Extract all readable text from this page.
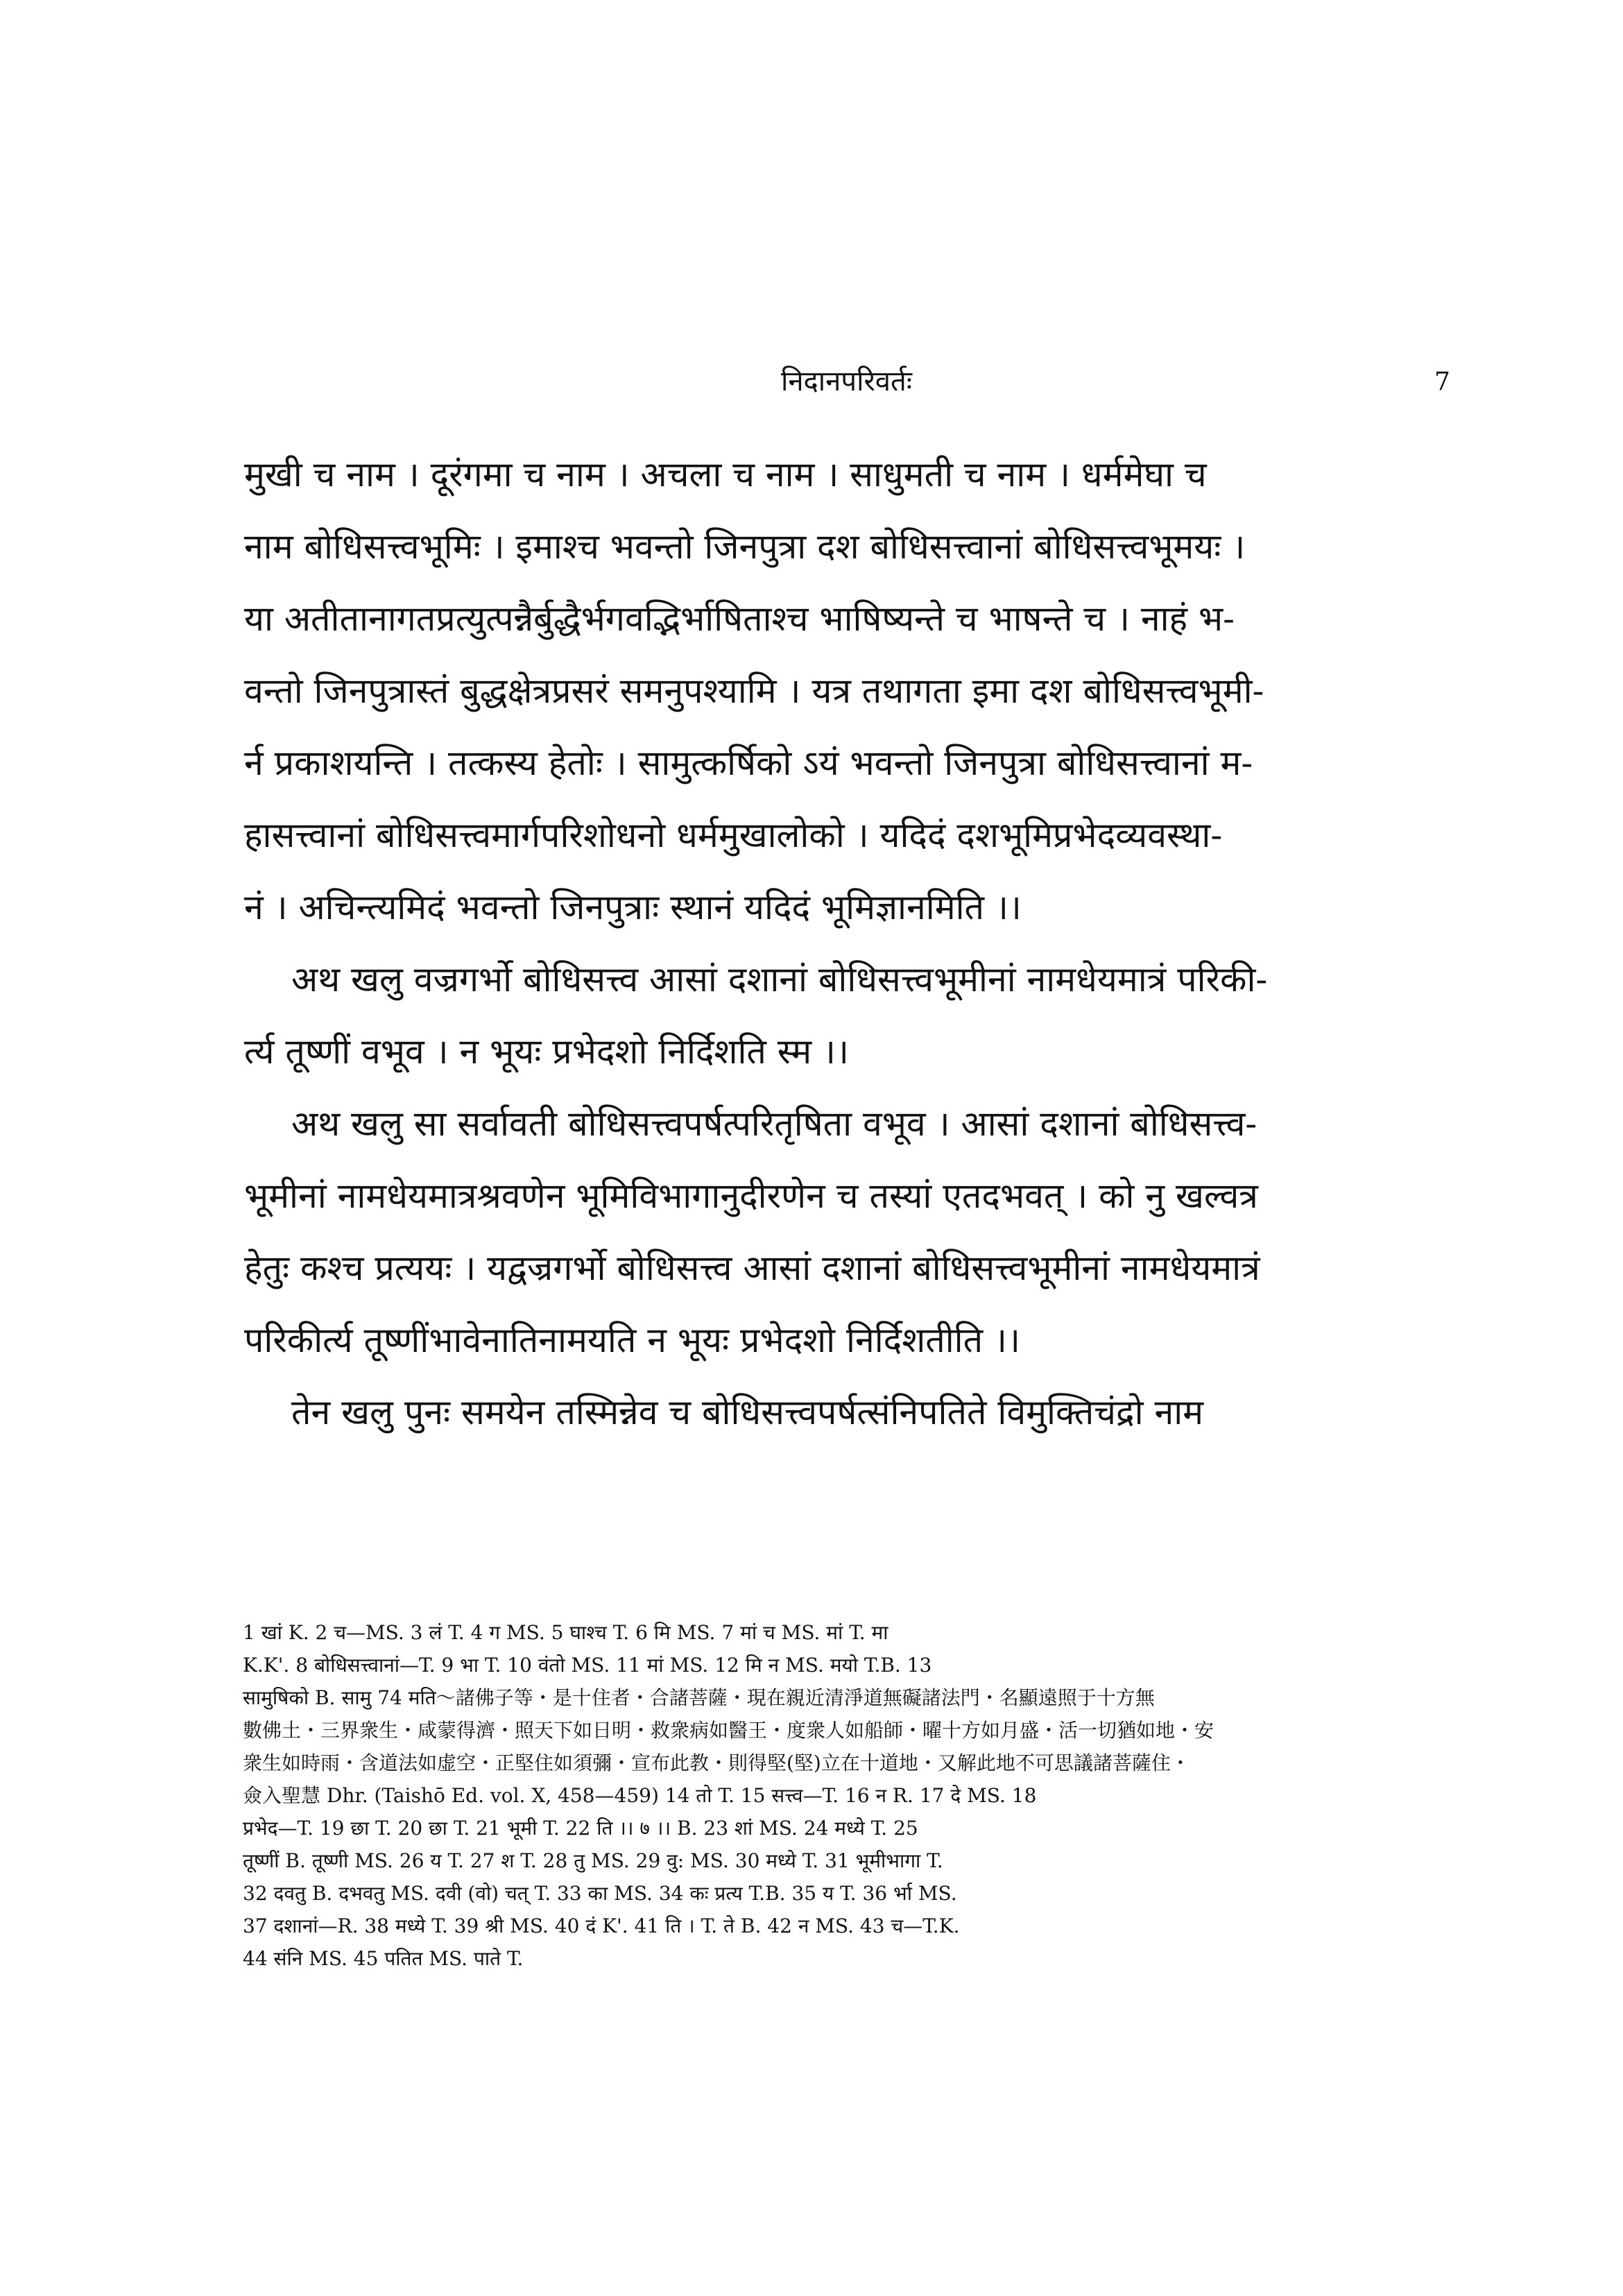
निदानपरिवर्तः	7
मुखी च नाम । दूरंगमा च नाम । अचला च नाम । साधुमती च नाम । धर्ममेघा च
नाम बोधिसत्त्वभूमिः । इमाश्च भवन्तो जिनपुत्रा दश बोधिसत्त्वानां बोधिसत्त्वभूमयः ।
या अतीतानागतप्रत्युत्पन्नैर्बुद्धैर्भगवद्भिर्भाषिताश्च भाषिष्यन्ते च भाषन्ते च । नाहं भ-
वन्तो जिनपुत्रास्तं बुद्धक्षेत्रप्रसरं समनुपश्यामि । यत्र तथागता इमा दश बोधिसत्त्वभूमी-
र्न प्रकाशयन्ति । तत्कस्य हेतोः । सामुत्कर्षिको ऽयं भवन्तो जिनपुत्रा बोधिसत्त्वानां म-
हासत्त्वानां बोधिसत्त्वमार्गपरिशोधनो धर्ममुखालोको । यदिदं दशभूमिप्रभेदव्यवस्था-
नं । अचिन्त्यमिदं भवन्तो जिनपुत्राः स्थानं यदिदं भूमिज्ञानमिति ।।
अथ खलु वज्रगर्भो बोधिसत्त्व आसां दशानां बोधिसत्त्वभूमीनां नामधेयमात्रं परिकी-
र्त्य तूष्णीं वभूव । न भूयः प्रभेदशो निर्दिशति स्म ।।
अथ खलु सा सर्वावती बोधिसत्त्वपर्षत्परितृषिता वभूव । आसां दशानां बोधिसत्त्व-
भूमीनां नामधेयमात्रश्रवणेन भूमिविभागानुदीरणेन च तस्यां एतदभवत् । को नु खल्वत्र
हेतुः कश्च प्रत्ययः । यद्वज्रगर्भो बोधिसत्त्व आसां दशानां बोधिसत्त्वभूमीनां नामधेयमात्रं
परिकीर्त्य तूष्णींभावेनातिनामयति न भूयः प्रभेदशो निर्दिशतीति ।।
तेन खलु पुनः समयेन तस्मिन्नेव च बोधिसत्त्वपर्षत्संनिपतिते विमुक्तिचंद्रो नाम
1 खां K. 2 च—MS. 3 लं T. 4 ग MS. 5 घाश्च T. 6 मि MS. 7 मां च MS. मां T. मा
K.K'. 8 बोधिसत्त्वानां—T. 9 भा T. 10 वंतो MS. 11 मां MS. 12 मि न MS. मयो T.B. 13
सामुषिको B. सामु 74 मति～諸佛子等・是十住者・合諸菩薩・現在親近清淨道無礙諸法門・名顯遠照于十方無
數佛土・三界衆生・咸蒙得濟・照天下如日明・救衆病如醫王・度衆人如船師・曜十方如月盛・活一切猶如地・安
衆生如時雨・含道法如虚空・正堅住如須彌・宣布此教・則得堅(堅)立在十道地・又解此地不可思議諸菩薩住・
僉入聖慧 Dhr. (Taishō Ed. vol. X, 458—459) 14 तो T. 15 सत्त्व—T. 16 न R. 17 दे MS. 18
प्रभेद—T. 19 छा T. 20 छा T. 21 भूमी T. 22 ति ।। ७ ।। B. 23 शां MS. 24 मध्ये T. 25
तूष्णीं B. तूष्णी MS. 26 य T. 27 श T. 28 तु MS. 29 वु: MS. 30 मध्ये T. 31 भूमीभागा T.
32 दवतु B. दभवतु MS. दवी (वो) चत् T. 33 का MS. 34 कः प्रत्य T.B. 35 य T. 36 र्भा MS.
37 दशानां—R. 38 मध्ये T. 39 श्री MS. 40 दं K'. 41 ति । T. ते B. 42 न MS. 43 च—T.K.
44 संनि MS. 45 पतित MS. पाते T.
